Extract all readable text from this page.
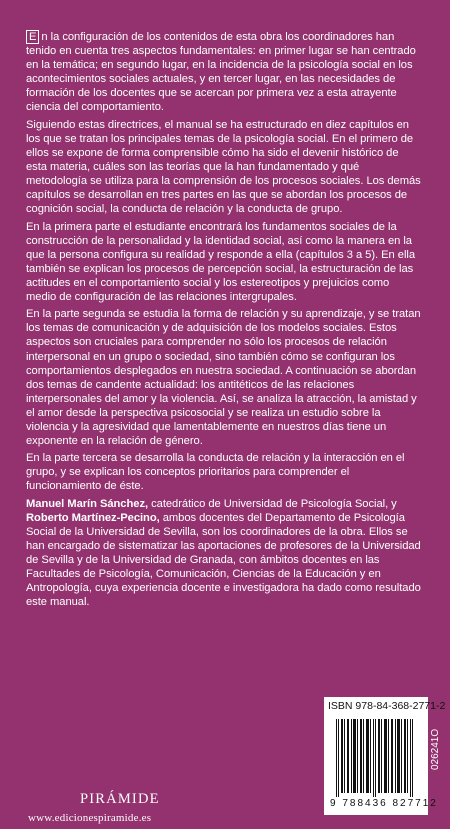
E n la configuración de los contenidos de esta obra los coordinadores han tenido en cuenta tres aspectos fundamentales: en primer lugar se han centrado en la temática; en segundo lugar, en la incidencia de la psicología social en los acontecimientos sociales actuales, y en tercer lugar, en las necesidades de formación de los docentes que se acercan por primera vez a esta atrayente ciencia del comportamiento.

Siguiendo estas directrices, el manual se ha estructurado en diez capítulos en los que se tratan los principales temas de la psicología social. En el primero de ellos se expone de forma comprensible cómo ha sido el devenir histórico de esta materia, cuáles son las teorías que la han fundamentado y qué metodología se utiliza para la comprensión de los procesos sociales. Los demás capítulos se desarrollan en tres partes en las que se abordan los procesos de cognición social, la conducta de relación y la conducta de grupo.

En la primera parte el estudiante encontrará los fundamentos sociales de la construcción de la personalidad y la identidad social, así como la manera en la que la persona configura su realidad y responde a ella (capítulos 3 a 5). En ella también se explican los procesos de percepción social, la estructuración de las actitudes en el comportamiento social y los estereotipos y prejuicios como medio de configuración de las relaciones intergrupales.

En la parte segunda se estudia la forma de relación y su aprendizaje, y se tratan los temas de comunicación y de adquisición de los modelos sociales. Estos aspectos son cruciales para comprender no sólo los procesos de relación interpersonal en un grupo o sociedad, sino también cómo se configuran los comportamientos desplegados en nuestra sociedad. A continuación se abordan dos temas de candente actualidad: los antitéticos de las relaciones interpersonales del amor y la violencia. Así, se analiza la atracción, la amistad y el amor desde la perspectiva psicosocial y se realiza un estudio sobre la violencia y la agresividad que lamentablemente en nuestros días tiene un exponente en la relación de género.

En la parte tercera se desarrolla la conducta de relación y la interacción en el grupo, y se explican los conceptos prioritarios para comprender el funcionamiento de éste.

Manuel Marín Sánchez, catedrático de Universidad de Psicología Social, y Roberto Martínez-Pecino, ambos docentes del Departamento de Psicología Social de la Universidad de Sevilla, son los coordinadores de la obra. Ellos se han encargado de sistematizar las aportaciones de profesores de la Universidad de Sevilla y de la Universidad de Granada, con ámbitos docentes en las Facultades de Psicología, Comunicación, Ciencias de la Educación y en Antropología, cuya experiencia docente e investigadora ha dado como resultado este manual.

ISBN 978-84-368-2771-2
9 788436 827712
026241O
PIRÁMIDE
www.edicionespiramide.es
